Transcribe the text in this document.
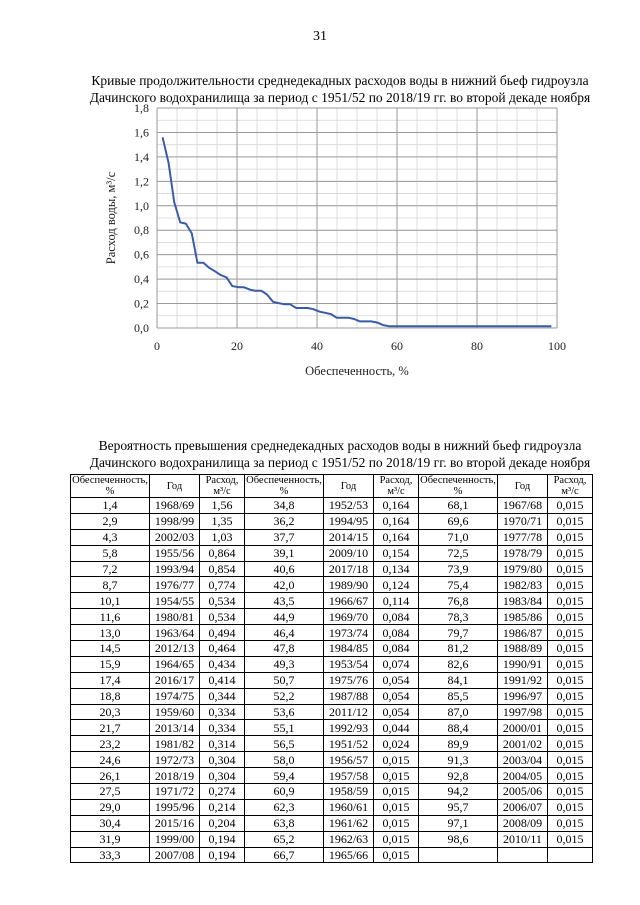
31
Кривые продолжительности среднедекадных расходов воды в нижний бьеф гидроузла
Дачинского водохранилища за период с 1951/52 по 2018/19 гг. во второй декаде ноября
0	20	40	60	80	100
0,0
0,2
0,4
0,6
0,8
1,0
1,2
1,4
1,6
1,8
Обеспеченность, %
Расход воды, м³/с
Вероятность превышения среднедекадных расходов воды в нижний бьеф гидроузла
Дачинского водохранилища за период с 1951/52 по 2018/19 гг. во второй декаде ноября
Обеспеченность, %	Год	Расход, м³/с	Обеспеченность, %	Год	Расход, м³/с	Обеспеченность, %	Год	Расход, м³/с
1,4	1968/69	1,56	34,8	1952/53	0,164	68,1	1967/68	0,015
2,9	1998/99	1,35	36,2	1994/95	0,164	69,6	1970/71	0,015
4,3	2002/03	1,03	37,7	2014/15	0,164	71,0	1977/78	0,015
5,8	1955/56	0,864	39,1	2009/10	0,154	72,5	1978/79	0,015
7,2	1993/94	0,854	40,6	2017/18	0,134	73,9	1979/80	0,015
8,7	1976/77	0,774	42,0	1989/90	0,124	75,4	1982/83	0,015
10,1	1954/55	0,534	43,5	1966/67	0,114	76,8	1983/84	0,015
11,6	1980/81	0,534	44,9	1969/70	0,084	78,3	1985/86	0,015
13,0	1963/64	0,494	46,4	1973/74	0,084	79,7	1986/87	0,015
14,5	2012/13	0,464	47,8	1984/85	0,084	81,2	1988/89	0,015
15,9	1964/65	0,434	49,3	1953/54	0,074	82,6	1990/91	0,015
17,4	2016/17	0,414	50,7	1975/76	0,054	84,1	1991/92	0,015
18,8	1974/75	0,344	52,2	1987/88	0,054	85,5	1996/97	0,015
20,3	1959/60	0,334	53,6	2011/12	0,054	87,0	1997/98	0,015
21,7	2013/14	0,334	55,1	1992/93	0,044	88,4	2000/01	0,015
23,2	1981/82	0,314	56,5	1951/52	0,024	89,9	2001/02	0,015
24,6	1972/73	0,304	58,0	1956/57	0,015	91,3	2003/04	0,015
26,1	2018/19	0,304	59,4	1957/58	0,015	92,8	2004/05	0,015
27,5	1971/72	0,274	60,9	1958/59	0,015	94,2	2005/06	0,015
29,0	1995/96	0,214	62,3	1960/61	0,015	95,7	2006/07	0,015
30,4	2015/16	0,204	63,8	1961/62	0,015	97,1	2008/09	0,015
31,9	1999/00	0,194	65,2	1962/63	0,015	98,6	2010/11	0,015
33,3	2007/08	0,194	66,7	1965/66	0,015			
